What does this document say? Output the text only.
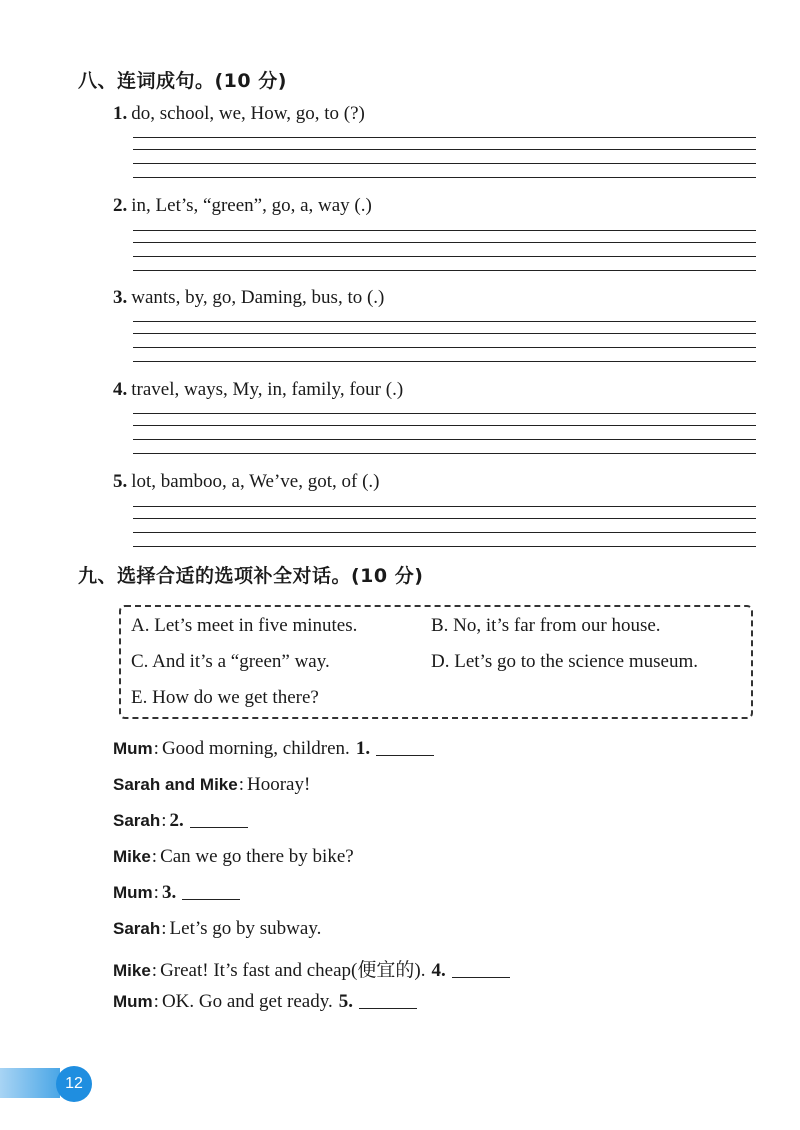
八、连词成句。(10 分)
1. do, school, we, How, go, to (?)
2. in, Let’s, “green”, go, a, way (.)
3. wants, by, go, Daming, bus, to (.)
4. travel, ways, My, in, family, four (.)
5. lot, bamboo, a, We’ve, got, of (.)
九、选择合适的选项补全对话。(10 分)
A. Let’s meet in five minutes.	B. No, it’s far from our house.
C. And it’s a “green” way.	D. Let’s go to the science museum.
E. How do we get there?
Mum: Good morning, children. 1.
Sarah and Mike: Hooray!
Sarah: 2.
Mike: Can we go there by bike?
Mum: 3.
Sarah: Let’s go by subway.
Mike: Great! It’s fast and cheap(便宜的). 4.
Mum: OK. Go and get ready. 5.
12
